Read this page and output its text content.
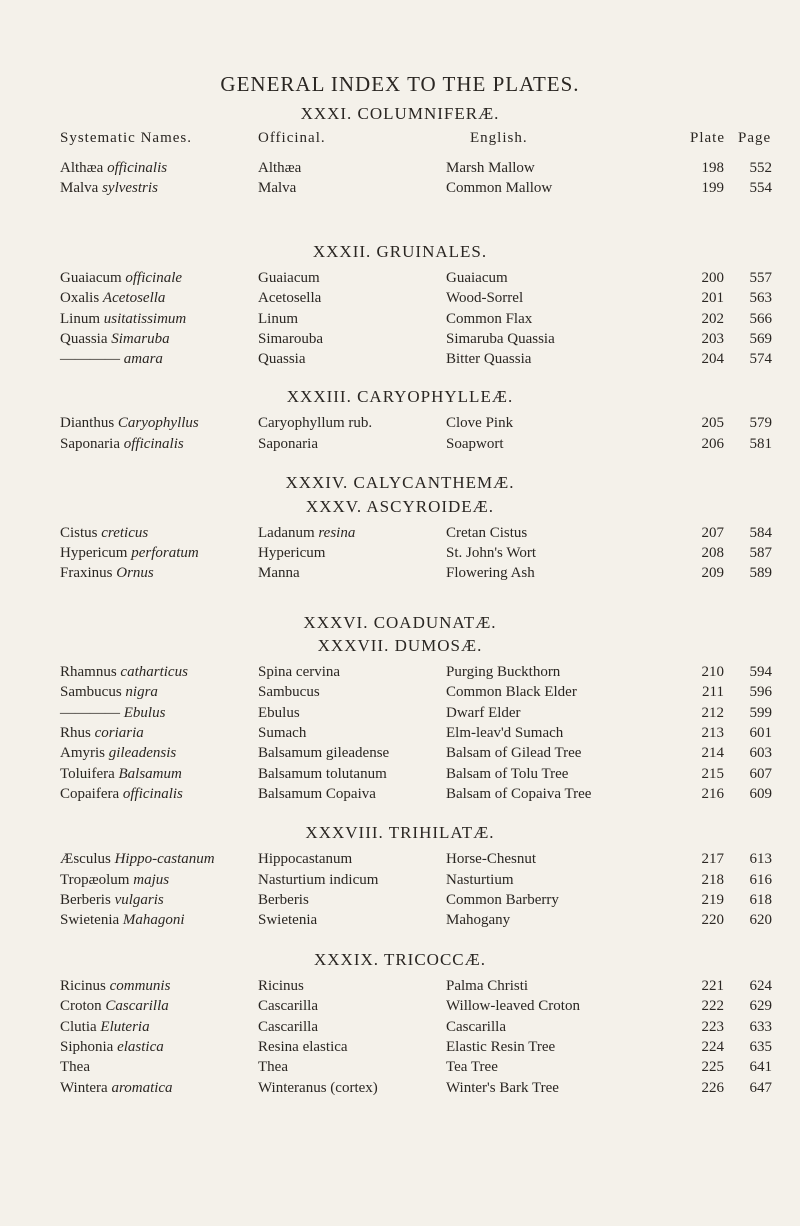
GENERAL INDEX TO THE PLATES.
Systematic Names.	Officinal.	English.	Plate Page
XXXI. COLUMNIFERÆ.
Althæa officinalis	Althæa	Marsh Mallow	198	552
Malva sylvestris	Malva	Common Mallow	199	554
XXXII. GRUINALES.
Guaiacum officinale	Guaiacum	Guaiacum	200	557
Oxalis Acetosella	Acetosella	Wood-Sorrel	201	563
Linum usitatissimum	Linum	Common Flax	202	566
Quassia Simaruba	Simarouba	Simaruba Quassia	203	569
———— amara	Quassia	Bitter Quassia	204	574
XXXIII. CARYOPHYLLEÆ.
Dianthus Caryophyllus	Caryophyllum rub.	Clove Pink	205	579
Saponaria officinalis	Saponaria	Soapwort	206	581
XXXIV. CALYCANTHEMÆ.
XXXV. ASCYROIDEÆ.
Cistus creticus	Ladanum resina	Cretan Cistus	207	584
Hypericum perforatum	Hypericum	St. John's Wort	208	587
Fraxinus Ornus	Manna	Flowering Ash	209	589
XXXVI. COADUNATÆ.
XXXVII. DUMOSÆ.
Rhamnus catharticus	Spina cervina	Purging Buckthorn	210	594
Sambucus nigra	Sambucus	Common Black Elder	211	596
———— Ebulus	Ebulus	Dwarf Elder	212	599
Rhus coriaria	Sumach	Elm-leav'd Sumach	213	601
Amyris gileadensis	Balsamum gileadense	Balsam of Gilead Tree	214	603
Toluifera Balsamum	Balsamum tolutanum	Balsam of Tolu Tree	215	607
Copaifera officinalis	Balsamum Copaiva	Balsam of Copaiva Tree	216	609
XXXVIII. TRIHILATÆ.
Æsculus Hippo-castanum	Hippocastanum	Horse-Chesnut	217	613
Tropæolum majus	Nasturtium indicum	Nasturtium	218	616
Berberis vulgaris	Berberis	Common Barberry	219	618
Swietenia Mahagoni	Swietenia	Mahogany	220	620
XXXIX. TRICOCCÆ.
Ricinus communis	Ricinus	Palma Christi	221	624
Croton Cascarilla	Cascarilla	Willow-leaved Croton	222	629
Clutia Eluteria	Cascarilla	Cascarilla	223	633
Siphonia elastica	Resina elastica	Elastic Resin Tree	224	635
Thea	Thea	Tea Tree	225	641
Wintera aromatica	Winteranus (cortex)	Winter's Bark Tree	226	647
